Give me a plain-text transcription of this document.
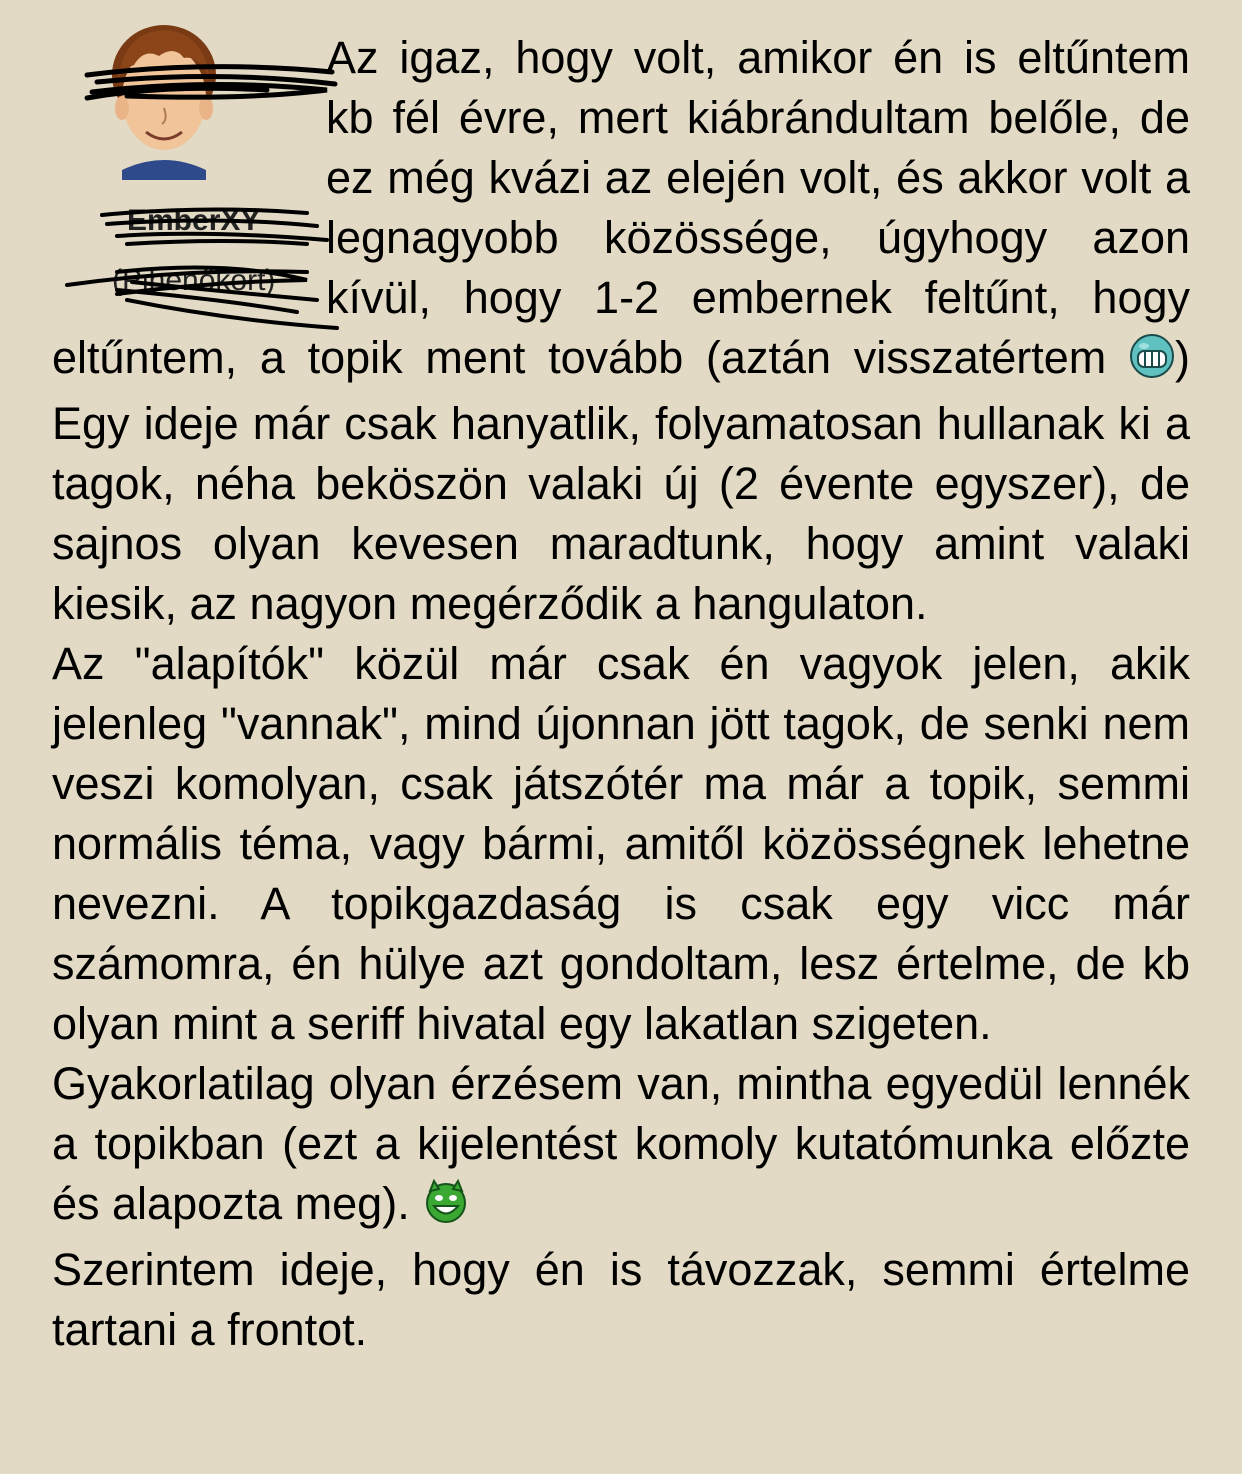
EmberXY
(Pihenőkört)
Az igaz, hogy volt, amikor én is eltűntem kb fél évre, mert kiábrándultam belőle, de ez még kvázi az elején volt, és akkor volt a legnagyobb közössége, úgyhogy azon kívül, hogy 1-2 embernek feltűnt, hogy eltűntem, a topik ment tovább (aztán visszatértem ) Egy ideje már csak hanyatlik, folyamatosan hullanak ki a tagok, néha beköszön valaki új (2 évente egyszer), de sajnos olyan kevesen maradtunk, hogy amint valaki kiesik, az nagyon megérződik a hangulaton.
Az "alapítók" közül már csak én vagyok jelen, akik jelenleg "vannak", mind újonnan jött tagok, de senki nem veszi komolyan, csak játszótér ma már a topik, semmi normális téma, vagy bármi, amitől közösségnek lehetne nevezni. A topikgazdaság is csak egy vicc már számomra, én hülye azt gondoltam, lesz értelme, de kb olyan mint a seriff hivatal egy lakatlan szigeten.
Gyakorlatilag olyan érzésem van, mintha egyedül lennék a topikban (ezt a kijelentést komoly kutatómunka előzte és alapozta meg).
Szerintem ideje, hogy én is távozzak, semmi értelme tartani a frontot.
